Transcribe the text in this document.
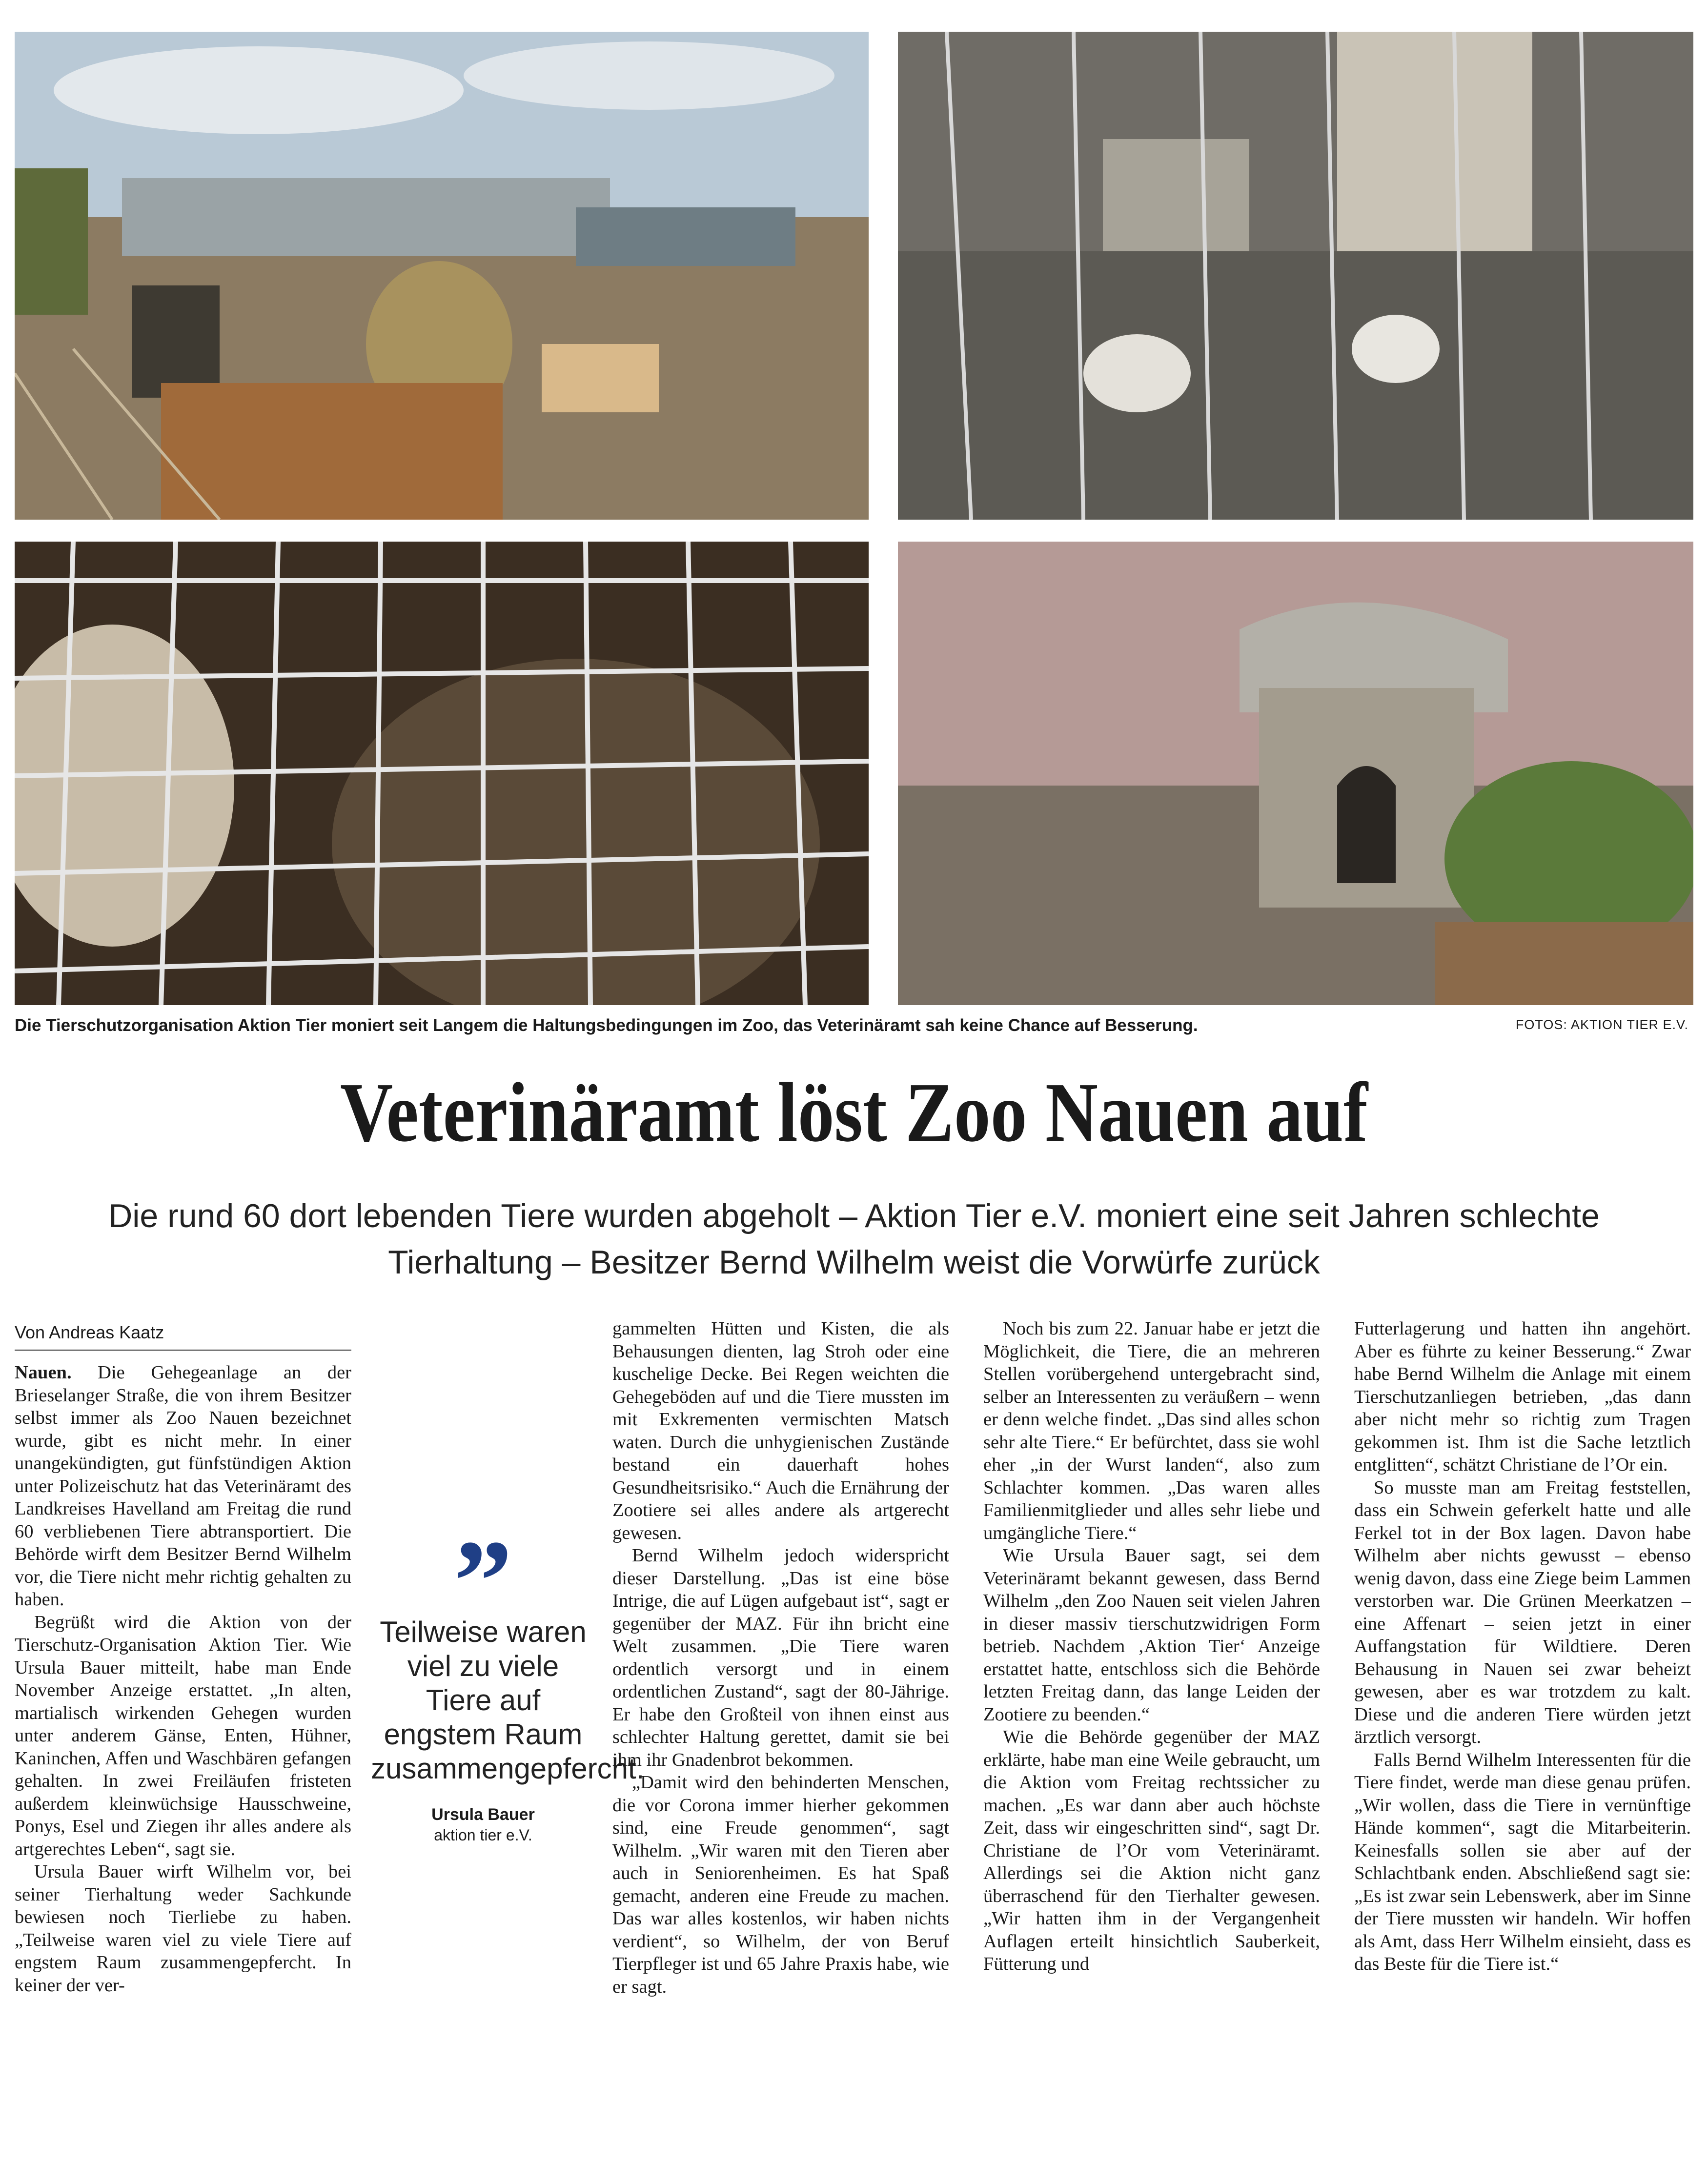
Die Tierschutzorganisation Aktion Tier moniert seit Langem die Haltungsbedingungen im Zoo, das Veterinäramt sah keine Chance auf Besserung.	FOTOS: AKTION TIER E.V.
Veterinäramt löst Zoo Nauen auf
Die rund 60 dort lebenden Tiere wurden abgeholt – Aktion Tier e.V. moniert eine seit Jahren schlechte Tierhaltung – Besitzer Bernd Wilhelm weist die Vorwürfe zurück
Von Andreas Kaatz

Nauen. Die Gehegeanlage an der Brieselanger Straße, die von ihrem Besitzer selbst immer als Zoo Nauen bezeichnet wurde, gibt es nicht mehr. In einer unangekündigten, gut fünfstündigen Aktion unter Polizeischutz hat das Veterinäramt des Landkreises Havelland am Freitag die rund 60 verbliebenen Tiere abtransportiert. Die Behörde wirft dem Besitzer Bernd Wilhelm vor, die Tiere nicht mehr richtig gehalten zu haben.

Begrüßt wird die Aktion von der Tierschutz-Organisation Aktion Tier. Wie Ursula Bauer mitteilt, habe man Ende November Anzeige erstattet. „In alten, martialisch wirkenden Gehegen wurden unter anderem Gänse, Enten, Hühner, Kaninchen, Affen und Waschbären gefangen gehalten. In zwei Freiläufen fristeten außerdem kleinwüchsige Hausschweine, Ponys, Esel und Ziegen ihr alles andere als artgerechtes Leben“, sagt sie.

Ursula Bauer wirft Wilhelm vor, bei seiner Tierhaltung weder Sachkunde bewiesen noch Tierliebe zu haben. „Teilweise waren viel zu viele Tiere auf engstem Raum zusammengepfercht. In keiner der ver-

”
Teilweise waren viel zu viele Tiere auf engstem Raum zusammengepfercht.
Ursula Bauer
aktion tier e.V.

gammelten Hütten und Kisten, die als Behausungen dienten, lag Stroh oder eine kuschelige Decke. Bei Regen weichten die Gehegeböden auf und die Tiere mussten im mit Exkrementen vermischten Matsch waten. Durch die unhygienischen Zustände bestand ein dauerhaft hohes Gesundheitsrisiko.“ Auch die Ernährung der Zootiere sei alles andere als artgerecht gewesen.

Bernd Wilhelm jedoch widerspricht dieser Darstellung. „Das ist eine böse Intrige, die auf Lügen aufgebaut ist“, sagt er gegenüber der MAZ. Für ihn bricht eine Welt zusammen. „Die Tiere waren ordentlich versorgt und in einem ordentlichen Zustand“, sagt der 80-Jährige. Er habe den Großteil von ihnen einst aus schlechter Haltung gerettet, damit sie bei ihm ihr Gnadenbrot bekommen.

„Damit wird den behinderten Menschen, die vor Corona immer hierher gekommen sind, eine Freude genommen“, sagt Wilhelm. „Wir waren mit den Tieren aber auch in Seniorenheimen. Es hat Spaß gemacht, anderen eine Freude zu machen. Das war alles kostenlos, wir haben nichts verdient“, so Wilhelm, der von Beruf Tierpfleger ist und 65 Jahre Praxis habe, wie er sagt.

Noch bis zum 22. Januar habe er jetzt die Möglichkeit, die Tiere, die an mehreren Stellen vorübergehend untergebracht sind, selber an Interessenten zu veräußern – wenn er denn welche findet. „Das sind alles schon sehr alte Tiere.“ Er befürchtet, dass sie wohl eher „in der Wurst landen“, also zum Schlachter kommen. „Das waren alles Familienmitglieder und alles sehr liebe und umgängliche Tiere.“

Wie Ursula Bauer sagt, sei dem Veterinäramt bekannt gewesen, dass Bernd Wilhelm „den Zoo Nauen seit vielen Jahren in dieser massiv tierschutzwidrigen Form betrieb. Nachdem ‚Aktion Tier‘ Anzeige erstattet hatte, entschloss sich die Behörde letzten Freitag dann, das lange Leiden der Zootiere zu beenden.“

Wie die Behörde gegenüber der MAZ erklärte, habe man eine Weile gebraucht, um die Aktion vom Freitag rechtssicher zu machen. „Es war dann aber auch höchste Zeit, dass wir eingeschritten sind“, sagt Dr. Christiane de l’Or vom Veterinäramt. Allerdings sei die Aktion nicht ganz überraschend für den Tierhalter gewesen. „Wir hatten ihm in der Vergangenheit Auflagen erteilt hinsichtlich Sauberkeit, Fütterung und

Futterlagerung und hatten ihn angehört. Aber es führte zu keiner Besserung.“ Zwar habe Bernd Wilhelm die Anlage mit einem Tierschutzanliegen betrieben, „das dann aber nicht mehr so richtig zum Tragen gekommen ist. Ihm ist die Sache letztlich entglitten“, schätzt Christiane de l’Or ein.

So musste man am Freitag feststellen, dass ein Schwein geferkelt hatte und alle Ferkel tot in der Box lagen. Davon habe Wilhelm aber nichts gewusst – ebenso wenig davon, dass eine Ziege beim Lammen verstorben war. Die Grünen Meerkatzen – eine Affenart – seien jetzt in einer Auffangstation für Wildtiere. Deren Behausung in Nauen sei zwar beheizt gewesen, aber es war trotzdem zu kalt. Diese und die anderen Tiere würden jetzt ärztlich versorgt.

Falls Bernd Wilhelm Interessenten für die Tiere findet, werde man diese genau prüfen. „Wir wollen, dass die Tiere in vernünftige Hände kommen“, sagt die Mitarbeiterin. Keinesfalls sollen sie aber auf der Schlachtbank enden. Abschließend sagt sie: „Es ist zwar sein Lebenswerk, aber im Sinne der Tiere mussten wir handeln. Wir hoffen als Amt, dass Herr Wilhelm einsieht, dass es das Beste für die Tiere ist.“
